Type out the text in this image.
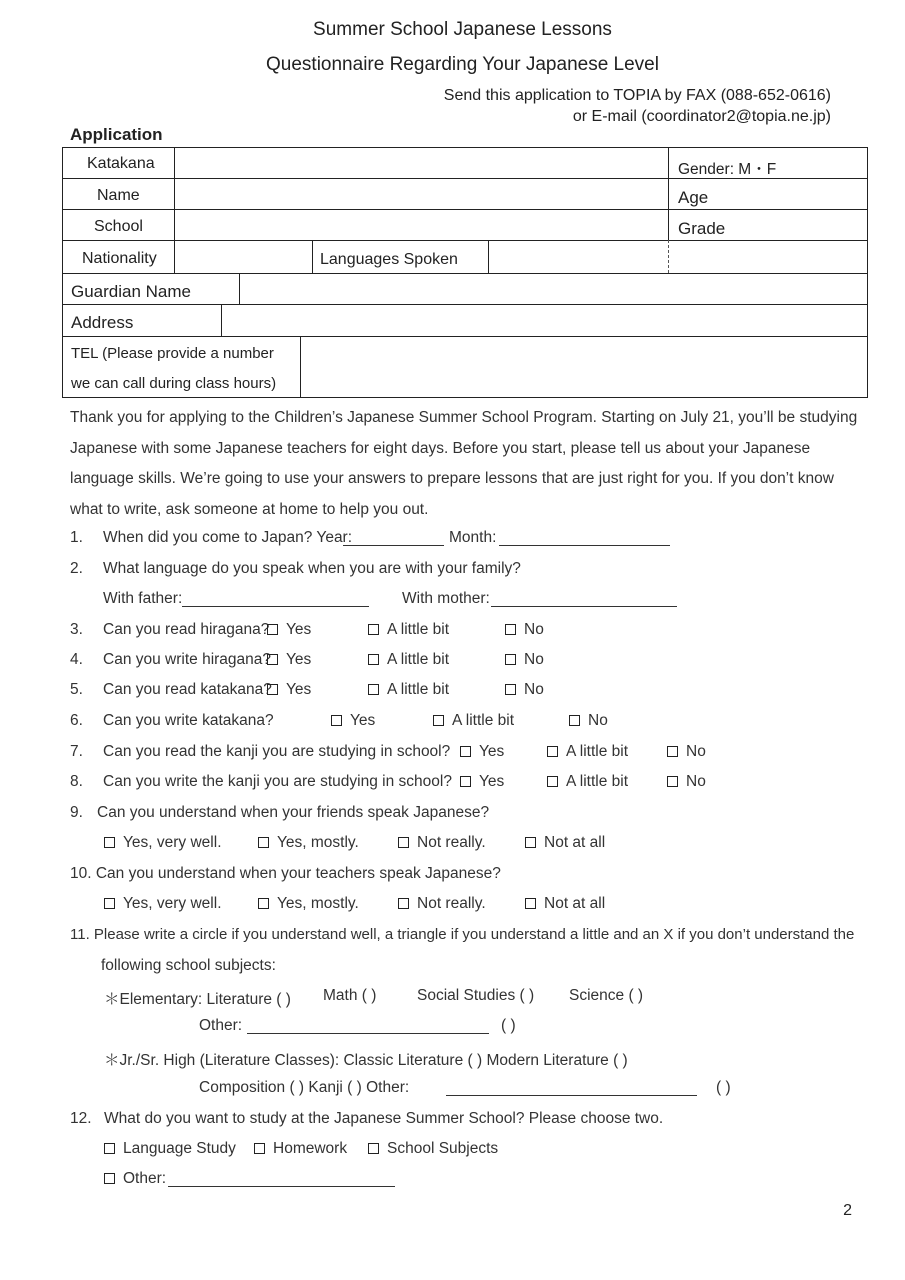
Summer School Japanese Lessons
Questionnaire Regarding Your Japanese Level
Send this application to TOPIA by FAX (088-652-0616)
or E-mail (coordinator2@topia.ne.jp)
Application
Katakana	Gender: M・F
Name	Age
School	Grade
Nationality	Languages Spoken
Guardian Name
Address
TEL (Please provide a number
we can call during class hours)
Thank you for applying to the Children’s Japanese Summer School Program. Starting on July 21, you’ll be studying Japanese with some Japanese teachers for eight days. Before you start, please tell us about your Japanese language skills. We’re going to use your answers to prepare lessons that are just right for you. If you don’t know what to write, ask someone at home to help you out.
1. When did you come to Japan? Year:	Month:
2. What language do you speak when you are with your family?
With father:	With mother:
3. Can you read hiragana?	Yes	A little bit	No
4. Can you write hiragana? Yes	A little bit	No
5. Can you read katakana? Yes	A little bit	No
6. Can you write katakana?	Yes	A little bit	No
7. Can you read the kanji you are studying in school?	Yes	A little bit	No
8. Can you write the kanji you are studying in school?	Yes	A little bit	No
9. Can you understand when your friends speak Japanese?
Yes, very well.	Yes, mostly.	Not really.	Not at all
10. Can you understand when your teachers speak Japanese?
Yes, very well.	Yes, mostly.	Not really.	Not at all
11. Please write a circle if you understand well, a triangle if you understand a little and an X if you don’t understand the
following school subjects:
＊Elementary: Literature ( ) Math ( )	Social Studies ( ) Science ( )
Other:	( )
＊Jr./Sr. High (Literature Classes): Classic Literature ( ) Modern Literature ( )
Composition ( ) Kanji ( ) Other:	( )
12. What do you want to study at the Japanese Summer School? Please choose two.
Language Study	Homework	School Subjects
Other:
2
